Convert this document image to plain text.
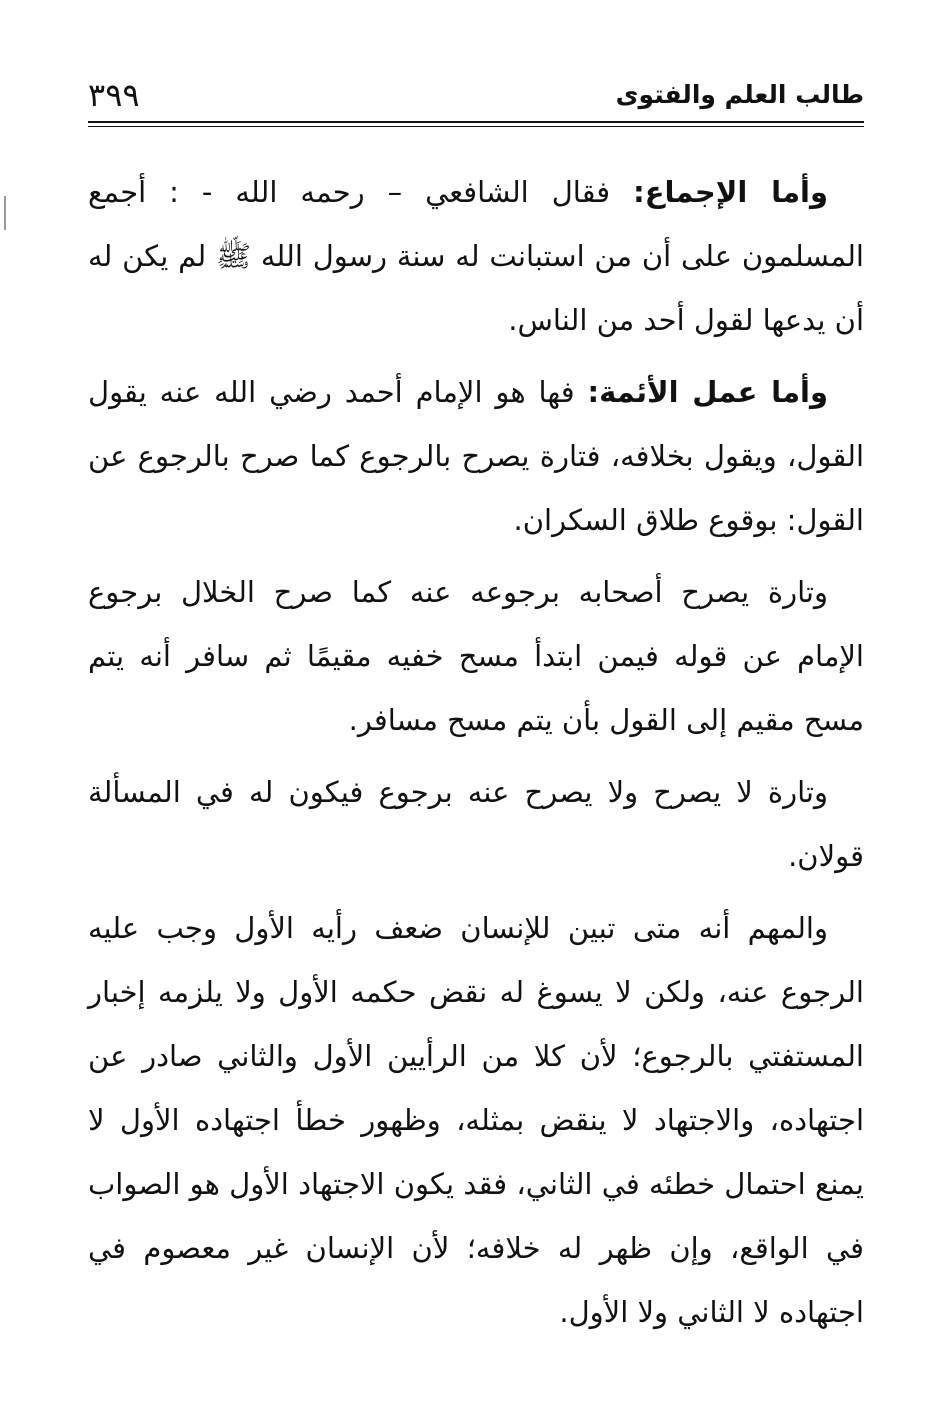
طالب العلم والفتوى
٣٩٩

وأما الإجماع: فقال الشافعي – رحمه الله - : أجمع المسلمون على أن من استبانت له سنة رسول الله ﷺ لم يكن له أن يدعها لقول أحد من الناس.

وأما عمل الأئمة: فها هو الإمام أحمد رضي الله عنه يقول القول، ويقول بخلافه، فتارة يصرح بالرجوع كما صرح بالرجوع عن القول: بوقوع طلاق السكران.

وتارة يصرح أصحابه برجوعه عنه كما صرح الخلال برجوع الإمام عن قوله فيمن ابتدأ مسح خفيه مقيمًا ثم سافر أنه يتم مسح مقيم إلى القول بأن يتم مسح مسافر.

وتارة لا يصرح ولا يصرح عنه برجوع فيكون له في المسألة قولان.

والمهم أنه متى تبين للإنسان ضعف رأيه الأول وجب عليه الرجوع عنه، ولكن لا يسوغ له نقض حكمه الأول ولا يلزمه إخبار المستفتي بالرجوع؛ لأن كلا من الرأيين الأول والثاني صادر عن اجتهاده، والاجتهاد لا ينقض بمثله، وظهور خطأ اجتهاده الأول لا يمنع احتمال خطئه في الثاني، فقد يكون الاجتهاد الأول هو الصواب في الواقع، وإن ظهر له خلافه؛ لأن الإنسان غير معصوم في اجتهاده لا الثاني ولا الأول.
